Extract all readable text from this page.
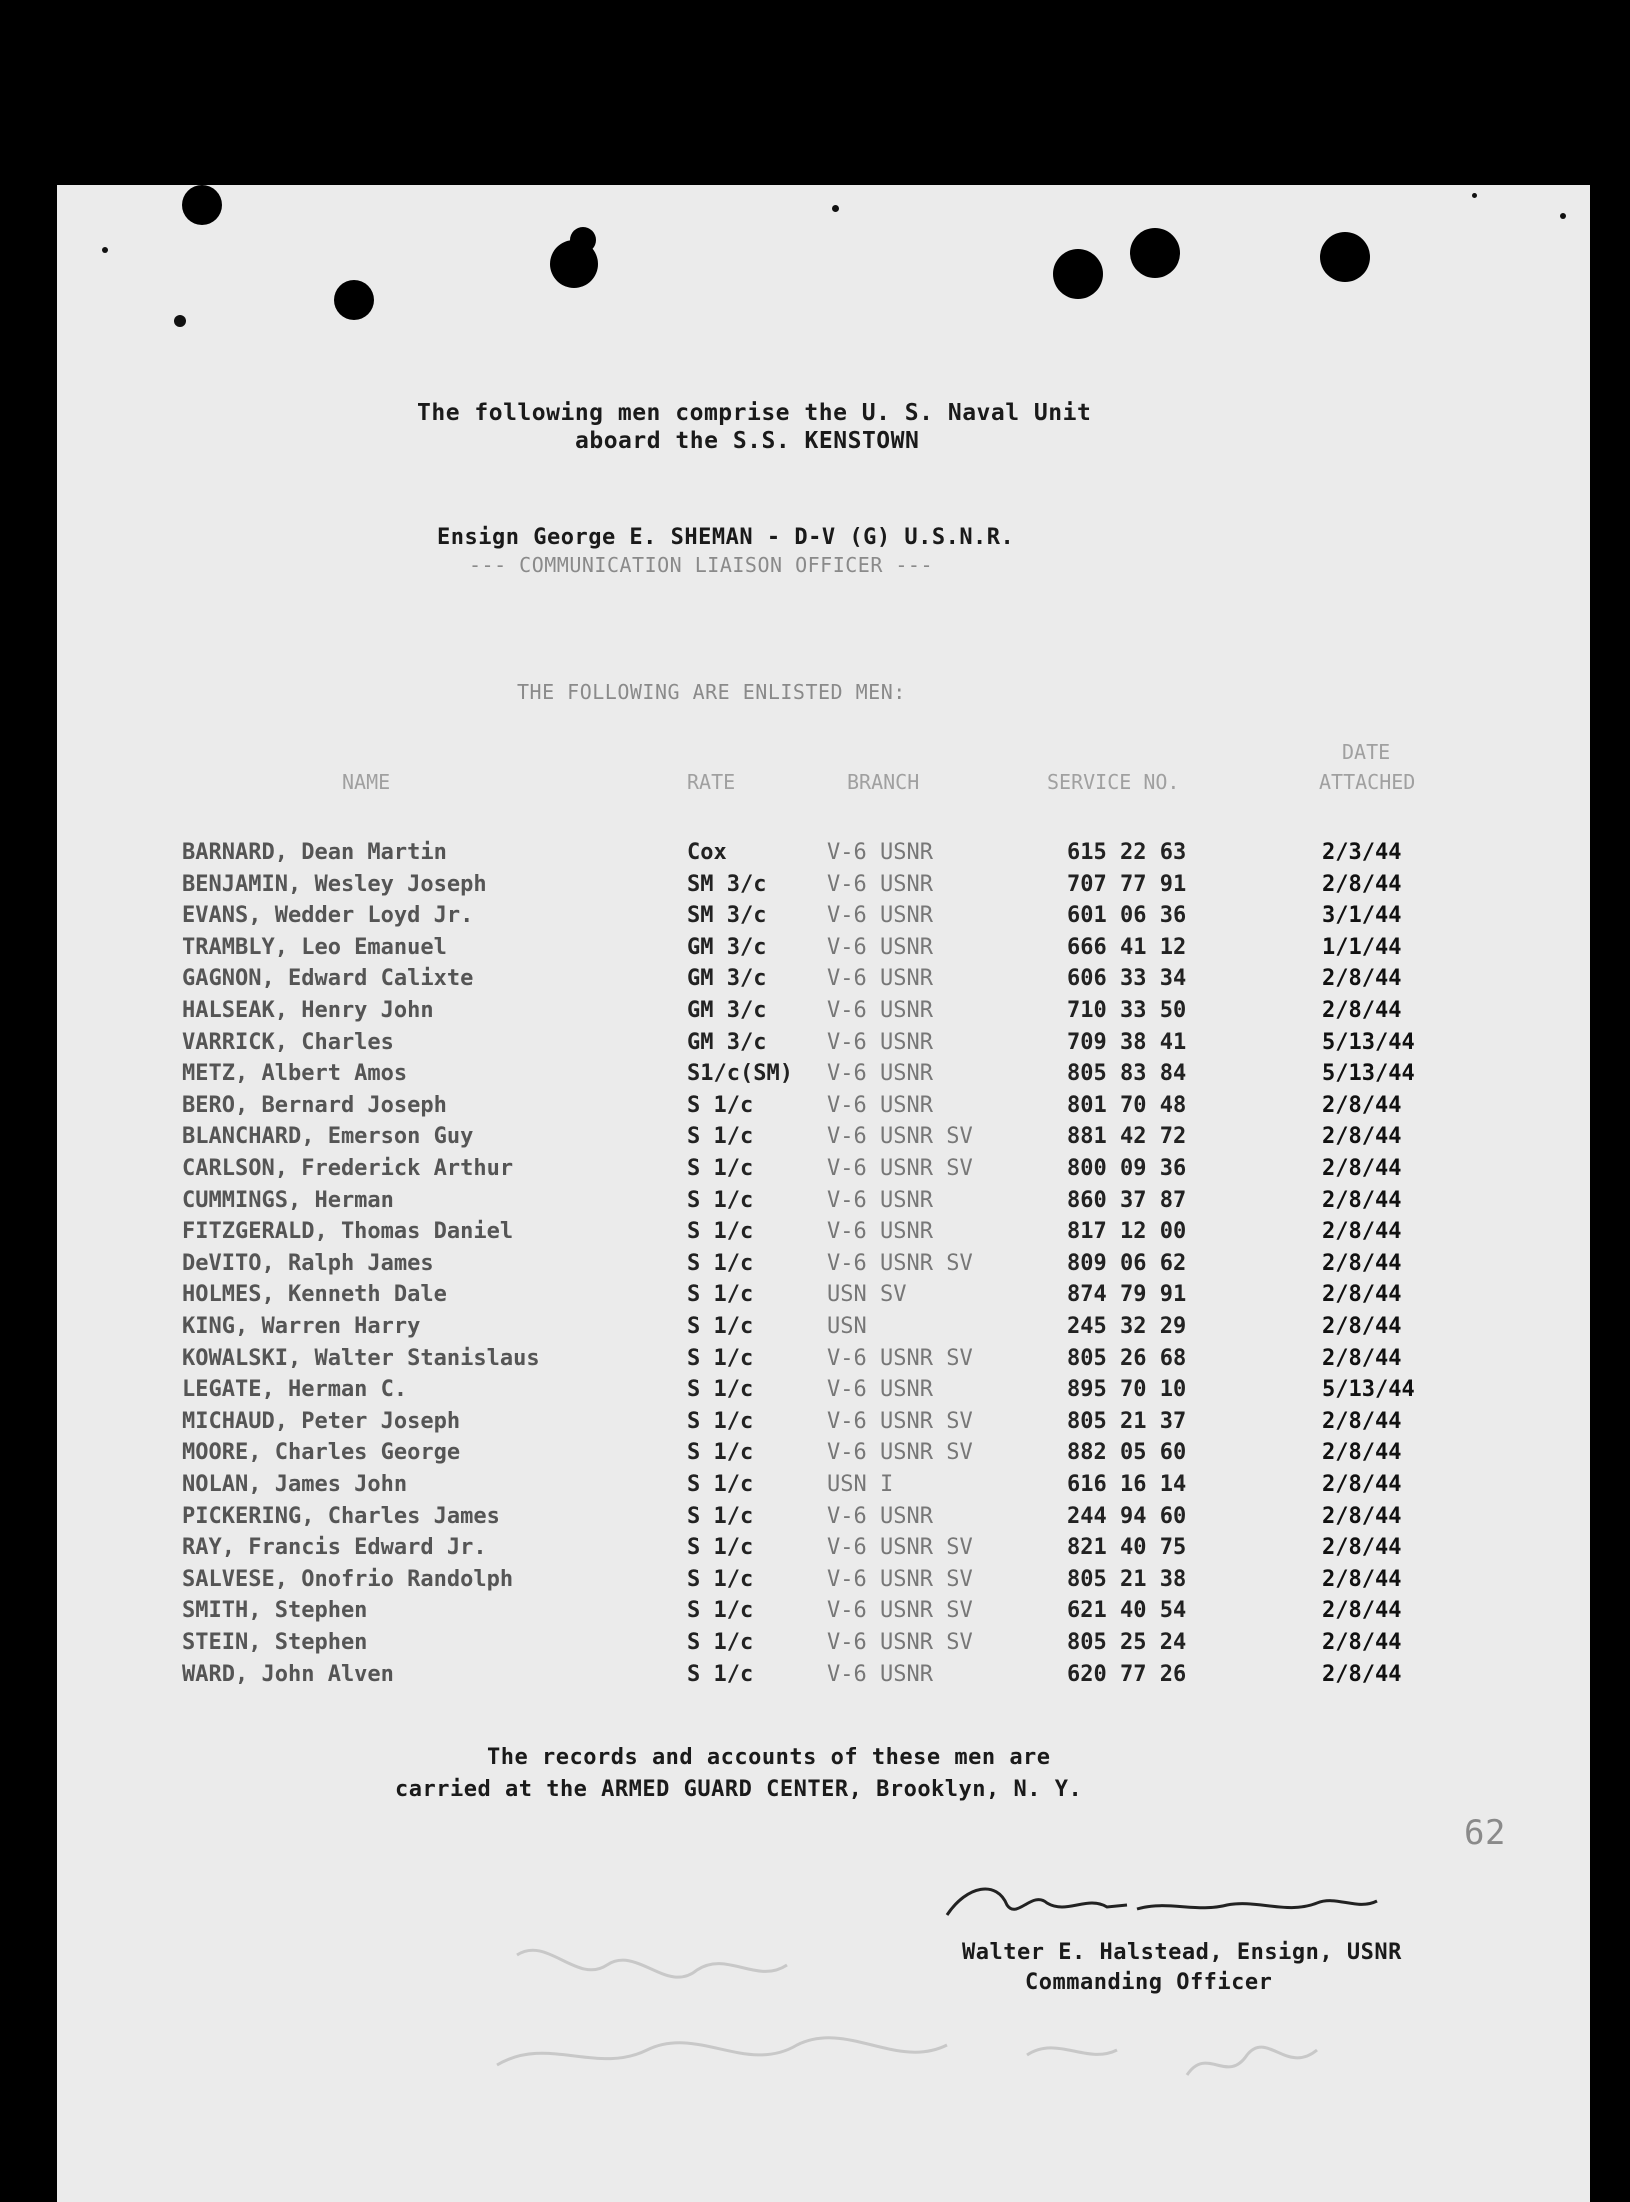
The following men comprise the U. S. Naval Unit
aboard the S.S. KENSTOWN
Ensign George E. SHEMAN - D-V (G) U.S.N.R.
--- COMMUNICATION LIAISON OFFICER ---
THE FOLLOWING ARE ENLISTED MEN:
NAME	RATE	BRANCH	SERVICE NO.
DATE
ATTACHED
BARNARD, Dean Martin	Cox	V-6 USNR	615 22 63	2/3/44
BENJAMIN, Wesley Joseph	SM 3/c	V-6 USNR	707 77 91	2/8/44
EVANS, Wedder Loyd Jr.	SM 3/c	V-6 USNR	601 06 36	3/1/44
TRAMBLY, Leo Emanuel	GM 3/c	V-6 USNR	666 41 12	1/1/44
GAGNON, Edward Calixte	GM 3/c	V-6 USNR	606 33 34	2/8/44
HALSEAK, Henry John	GM 3/c	V-6 USNR	710 33 50	2/8/44
VARRICK, Charles	GM 3/c	V-6 USNR	709 38 41	5/13/44
METZ, Albert Amos	S1/c(SM) V-6 USNR	805 83 84	5/13/44
BERO, Bernard Joseph	S 1/c	V-6 USNR	801 70 48	2/8/44
BLANCHARD, Emerson Guy	S 1/c	V-6 USNR SV	881 42 72	2/8/44
CARLSON, Frederick Arthur	S 1/c	V-6 USNR SV	800 09 36	2/8/44
CUMMINGS, Herman	S 1/c	V-6 USNR	860 37 87	2/8/44
FITZGERALD, Thomas Daniel	S 1/c	V-6 USNR	817 12 00	2/8/44
DeVITO, Ralph James	S 1/c	V-6 USNR SV	809 06 62	2/8/44
HOLMES, Kenneth Dale	S 1/c	USN SV	874 79 91	2/8/44
KING, Warren Harry	S 1/c	USN	245 32 29	2/8/44
KOWALSKI, Walter Stanislaus	S 1/c	V-6 USNR SV	805 26 68	2/8/44
LEGATE, Herman C.	S 1/c	V-6 USNR	895 70 10	5/13/44
MICHAUD, Peter Joseph	S 1/c	V-6 USNR SV	805 21 37	2/8/44
MOORE, Charles George	S 1/c	V-6 USNR SV	882 05 60	2/8/44
NOLAN, James John	S 1/c	USN I	616 16 14	2/8/44
PICKERING, Charles James	S 1/c	V-6 USNR	244 94 60	2/8/44
RAY, Francis Edward Jr.	S 1/c	V-6 USNR SV	821 40 75	2/8/44
SALVESE, Onofrio Randolph	S 1/c	V-6 USNR SV	805 21 38	2/8/44
SMITH, Stephen	S 1/c	V-6 USNR SV	621 40 54	2/8/44
STEIN, Stephen	S 1/c	V-6 USNR SV	805 25 24	2/8/44
WARD, John Alven	S 1/c	V-6 USNR	620 77 26	2/8/44
The records and accounts of these men are
carried at the ARMED GUARD CENTER, Brooklyn, N. Y.
62
Walter E. Halstead, Ensign, USNR
Commanding Officer
